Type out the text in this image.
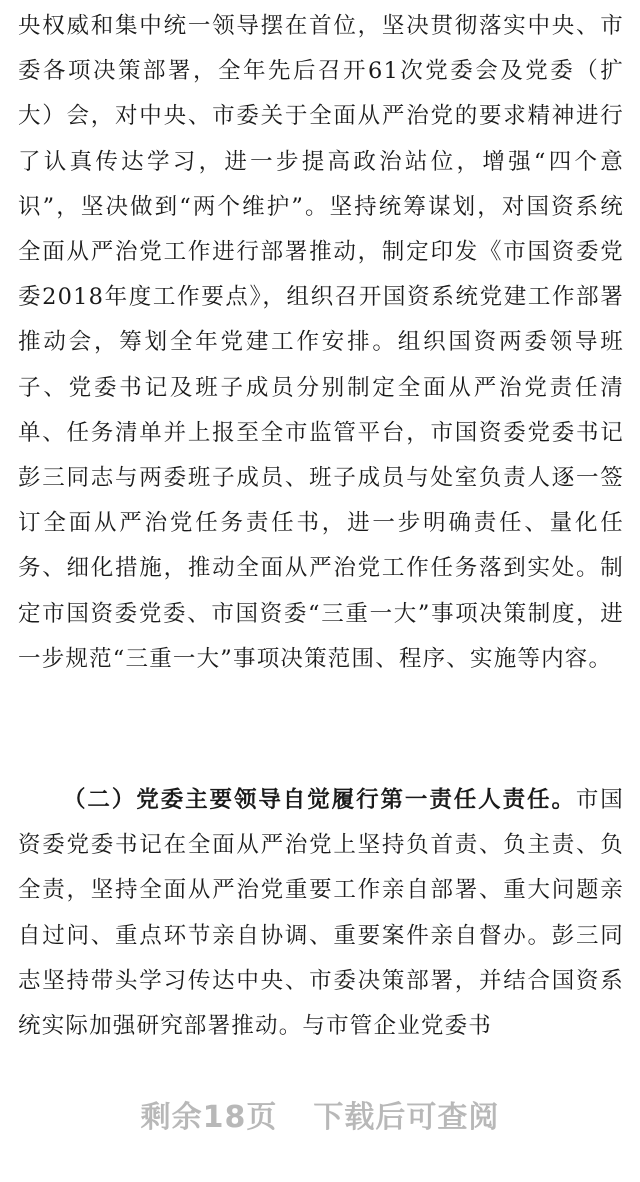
央权威和集中统一领导摆在首位，坚决贯彻落实中央、市委各项决策部署，全年先后召开61次党委会及党委（扩大）会，对中央、市委关于全面从严治党的要求精神进行了认真传达学习，进一步提高政治站位，增强“四个意识”，坚决做到“两个维护”。坚持统筹谋划，对国资系统全面从严治党工作进行部署推动，制定印发《市国资委党委2018年度工作要点》，组织召开国资系统党建工作部署推动会，筹划全年党建工作安排。组织国资两委领导班子、党委书记及班子成员分别制定全面从严治党责任清单、任务清单并上报至全市监管平台，市国资委党委书记彭三同志与两委班子成员、班子成员与处室负责人逐一签订全面从严治党任务责任书，进一步明确责任、量化任务、细化措施，推动全面从严治党工作任务落到实处。制定市国资委党委、市国资委“三重一大”事项决策制度，进一步规范“三重一大”事项决策范围、程序、实施等内容。

（二）党委主要领导自觉履行第一责任人责任。市国资委党委书记在全面从严治党上坚持负首责、负主责、负全责，坚持全面从严治党重要工作亲自部署、重大问题亲自过问、重点环节亲自协调、重要案件亲自督办。彭三同志坚持带头学习传达中央、市委决策部署，并结合国资系统实际加强研究部署推动。与市管企业党委书

剩余18页 下载后可查阅
